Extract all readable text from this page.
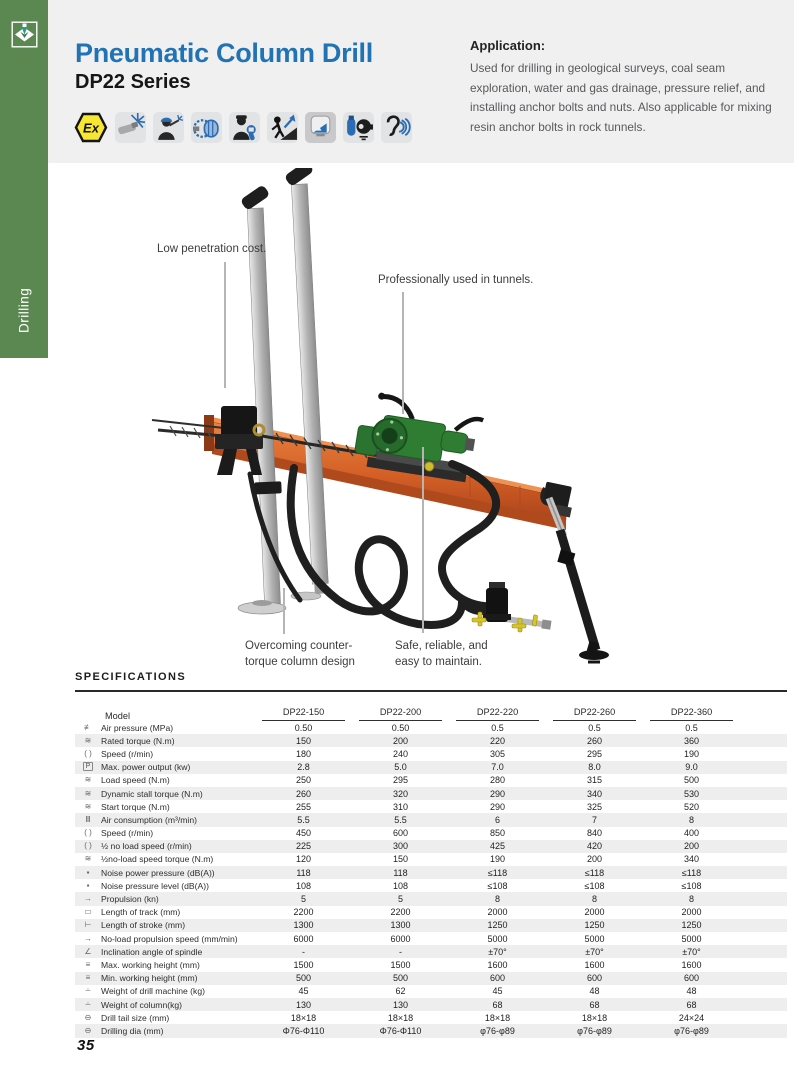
Drilling
Pneumatic Column Drill
DP22 Series
Ex

Application:

Used for drilling in geological surveys, coal seam exploration, water and gas drainage, pressure relief, and installing anchor bolts and nuts. Also applicable for mixing resin anchor bolts in rock tunnels.

Low penetration cost.
Professionally used in tunnels.
Overcoming counter-
torque column design
Safe, reliable, and
easy to maintain.
SPECIFICATIONS
Model	DP22-150	DP22-200	DP22-220	DP22-260	DP22-360
≢	Air pressure (MPa)	0.50	0.50	0.5	0.5	0.5
≋	Rated torque (N.m)	150	200	220	260	360
( )	Speed (r/min)	180	240	305	295	190
P	Max. power output (kw)	2.8	5.0	7.0	8.0	9.0
≋	Load speed (N.m)	250	295	280	315	500
≋	Dynamic stall torque (N.m)	260	320	290	340	530
≋	Start torque (N.m)	255	310	290	325	520
Ⅲ	Air consumption (m³/min)	5.5	5.5	6	7	8
( )	Speed (r/min)	450	600	850	840	400
( )	½ no load speed (r/min)	225	300	425	420	200
≋	½no-load speed torque (N.m)	120	150	190	200	340
▪	Noise power pressure (dB(A))	118	118	≤118	≤118	≤118
▪	Noise pressure level (dB(A))	108	108	≤108	≤108	≤108
→	Propulsion (kn)	5	5	8	8	8
▭	Length of track (mm)	2200	2200	2000	2000	2000
⊢	Length of stroke (mm)	1300	1300	1250	1250	1250
→	No-load propulsion speed (mm/min)	6000	6000	5000	5000	5000
∠	Inclination angle of spindle	-	-	±70°	±70°	±70°
≡	Max. working height (mm)	1500	1500	1600	1600	1600
≡	Min. working height (mm)	500	500	600	600	600
∸	Weight of drill machine (kg)	45	62	45	48	48
∸	Weight of column(kg)	130	130	68	68	68
⊖	Drill tail size (mm)	18×18	18×18	18×18	18×18	24×24
⊖	Drilling dia (mm)	Φ76-Φ110	Φ76-Φ110	φ76-φ89	φ76-φ89	φ76-φ89
35
